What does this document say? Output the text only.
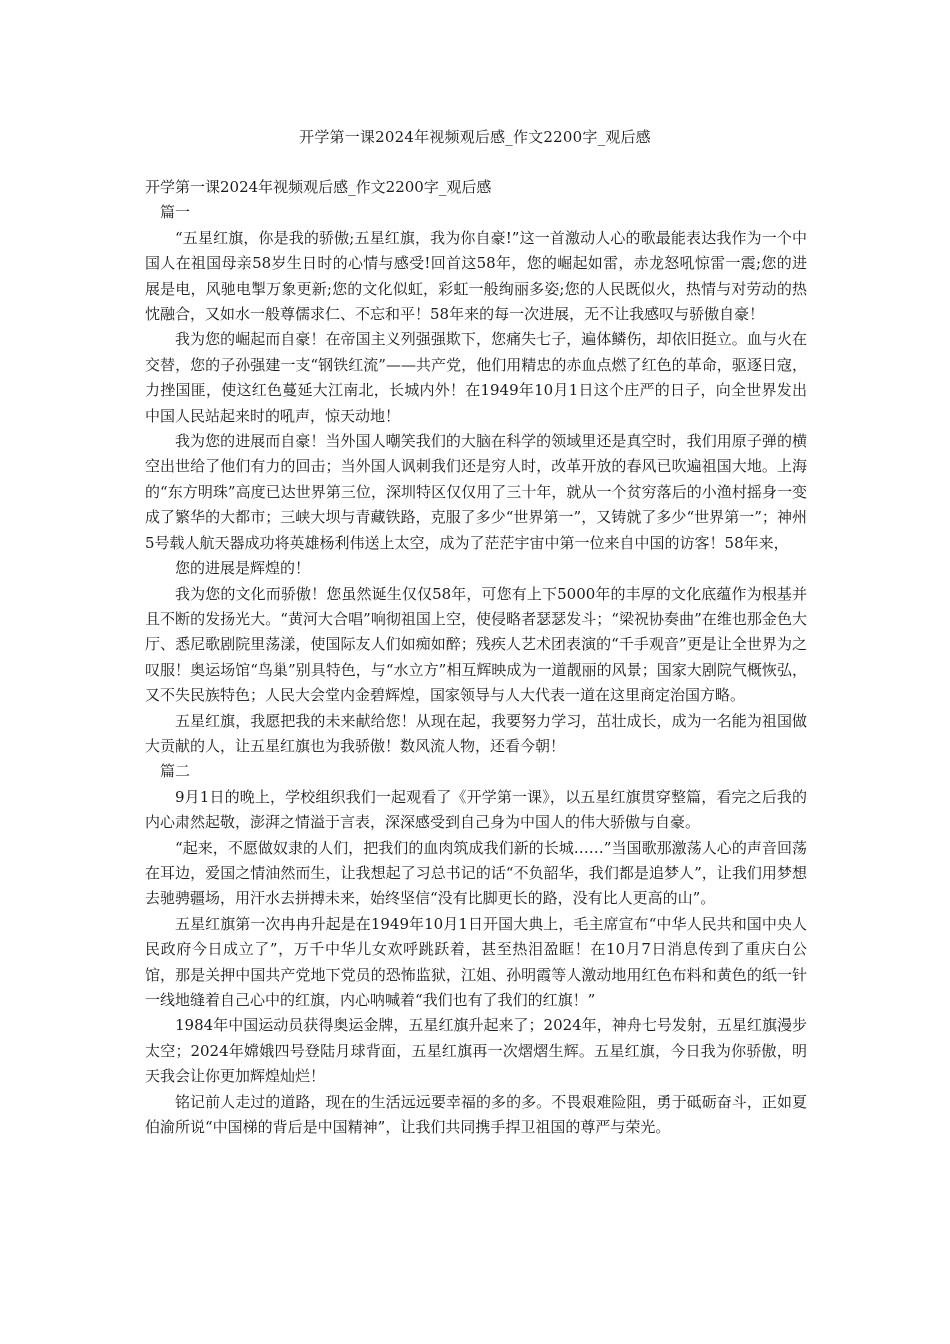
开学第一课2024年视频观后感_作文2200字_观后感

开学第一课2024年视频观后感_作文2200字_观后感

篇一

“五星红旗，你是我的骄傲;五星红旗，我为你自豪!”这一首激动人心的歌最能表达我作为一个中国人在祖国母亲58岁生日时的心情与感受!回首这58年，您的崛起如雷，赤龙怒吼惊雷一震;您的进展是电，风驰电掣万象更新;您的文化似虹，彩虹一般绚丽多姿;您的人民既似火，热情与对劳动的热忱融合，又如水一般尊儒求仁、不忘和平！58年来的每一次进展，无不让我感叹与骄傲自豪！

我为您的崛起而自豪！在帝国主义列强强欺下，您痛失七子，遍体鳞伤，却依旧挺立。血与火在交替，您的子孙强建一支“钢铁红流”——共产党，他们用精忠的赤血点燃了红色的革命，驱逐日寇，力挫国匪，使这红色蔓延大江南北，长城内外！在1949年10月1日这个庄严的日子，向全世界发出中国人民站起来时的吼声，惊天动地！

我为您的进展而自豪！当外国人嘲笑我们的大脑在科学的领域里还是真空时，我们用原子弹的横空出世给了他们有力的回击；当外国人讽刺我们还是穷人时，改革开放的春风已吹遍祖国大地。上海的“东方明珠”高度已达世界第三位，深圳特区仅仅用了三十年，就从一个贫穷落后的小渔村摇身一变成了繁华的大都市；三峡大坝与青藏铁路，克服了多少“世界第一”，又铸就了多少“世界第一”；神州5号载人航天器成功将英雄杨利伟送上太空，成为了茫茫宇宙中第一位来自中国的访客！58年来，

您的进展是辉煌的！

我为您的文化而骄傲！您虽然诞生仅仅58年，可您有上下5000年的丰厚的文化底蕴作为根基并且不断的发扬光大。“黄河大合唱”响彻祖国上空，使侵略者瑟瑟发斗；“梁祝协奏曲”在维也那金色大厅、悉尼歌剧院里荡漾，使国际友人们如痴如醉；残疾人艺术团表演的“千手观音”更是让全世界为之叹服！奥运场馆“鸟巢”别具特色，与“水立方”相互辉映成为一道靓丽的风景；国家大剧院气概恢弘，又不失民族特色；人民大会堂内金碧辉煌，国家领导与人大代表一道在这里商定治国方略。

五星红旗，我愿把我的未来献给您！从现在起，我要努力学习，茁壮成长，成为一名能为祖国做大贡献的人，让五星红旗也为我骄傲！数风流人物，还看今朝！

篇二

9月1日的晚上，学校组织我们一起观看了《开学第一课》，以五星红旗贯穿整篇，看完之后我的内心肃然起敬，澎湃之情溢于言表，深深感受到自己身为中国人的伟大骄傲与自豪。

“起来，不愿做奴隶的人们，把我们的血肉筑成我们新的长城……”当国歌那激荡人心的声音回荡在耳边，爱国之情油然而生，让我想起了习总书记的话“不负韶华，我们都是追梦人”，让我们用梦想去驰骋疆场，用汗水去拼搏未来，始终坚信“没有比脚更长的路，没有比人更高的山”。

五星红旗第一次冉冉升起是在1949年10月1日开国大典上，毛主席宣布“中华人民共和国中央人民政府今日成立了”，万千中华儿女欢呼跳跃着，甚至热泪盈眶！在10月7日消息传到了重庆白公馆，那是关押中国共产党地下党员的恐怖监狱，江姐、孙明霞等人激动地用红色布料和黄色的纸一针一线地缝着自己心中的红旗，内心呐喊着“我们也有了我们的红旗！”

1984年中国运动员获得奥运金牌，五星红旗升起来了；2024年，神舟七号发射，五星红旗漫步太空；2024年嫦娥四号登陆月球背面，五星红旗再一次熠熠生辉。五星红旗，今日我为你骄傲，明天我会让你更加辉煌灿烂！

铭记前人走过的道路，现在的生活远远要幸福的多的多。不畏艰难险阻，勇于砥砺奋斗，正如夏伯渝所说“中国梯的背后是中国精神”，让我们共同携手捍卫祖国的尊严与荣光。
